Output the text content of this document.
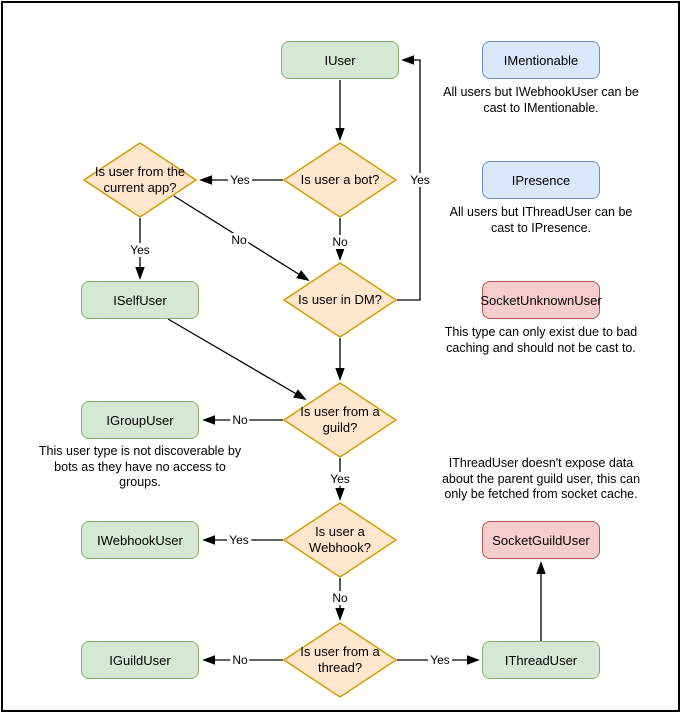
IUser	IMentionable
IPresence
SocketUnknownUser
ISelfUser
IGroupUser
IWebhookUser
IGuildUser
SocketGuildUser
IThreadUser
Is user a bot?
Is user from the
current app?
Is user in DM?
Is user from a
guild?
Is user a
Webhook?
Is user from a
thread?
Yes
No
Yes
No
Yes
No
Yes
Yes
No
No	Yes
All users but IWebhookUser can be
cast to IMentionable.
All users but IThreadUser can be
cast to IPresence.
This type can only exist due to bad
caching and should not be cast to.
This user type is not discoverable by
bots as they have no access to
groups.
IThreadUser doesn't expose data
about the parent guild user, this can
only be fetched from socket cache.
